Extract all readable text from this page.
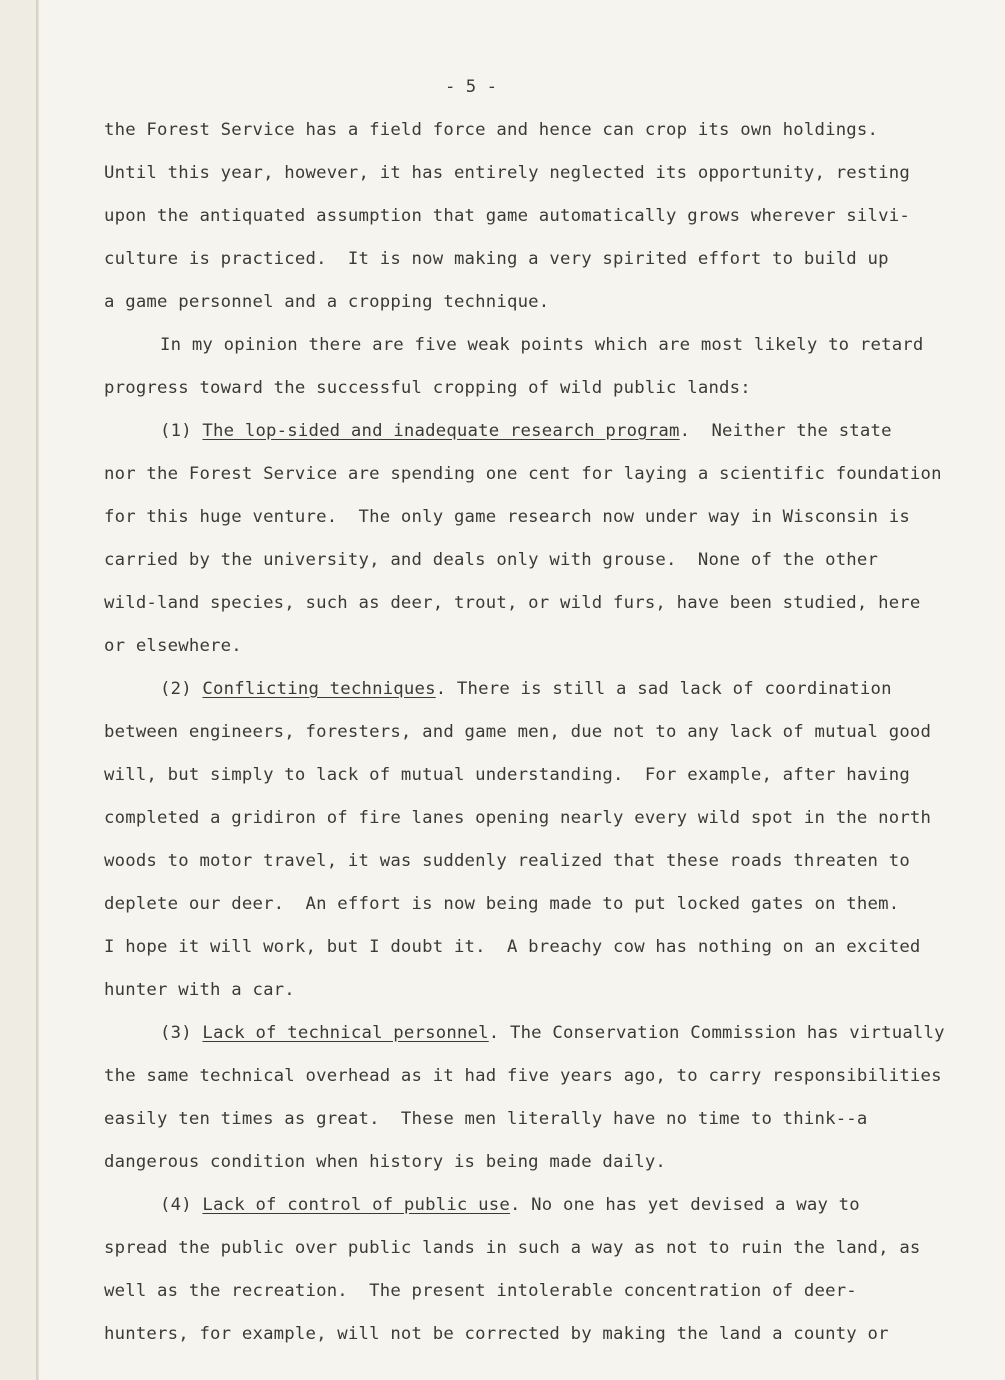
- 5 -
the Forest Service has a field force and hence can crop its own holdings.
Until this year, however, it has entirely neglected its opportunity, resting
upon the antiquated assumption that game automatically grows wherever silvi-
culture is practiced.  It is now making a very spirited effort to build up
a game personnel and a cropping technique.
In my opinion there are five weak points which are most likely to retard
progress toward the successful cropping of wild public lands:
(1) The lop-sided and inadequate research program.  Neither the state
nor the Forest Service are spending one cent for laying a scientific foundation
for this huge venture.  The only game research now under way in Wisconsin is
carried by the university, and deals only with grouse.  None of the other
wild-land species, such as deer, trout, or wild furs, have been studied, here
or elsewhere.
(2) Conflicting techniques. There is still a sad lack of coordination
between engineers, foresters, and game men, due not to any lack of mutual good
will, but simply to lack of mutual understanding.  For example, after having
completed a gridiron of fire lanes opening nearly every wild spot in the north
woods to motor travel, it was suddenly realized that these roads threaten to
deplete our deer.  An effort is now being made to put locked gates on them.
I hope it will work, but I doubt it.  A breachy cow has nothing on an excited
hunter with a car.
(3) Lack of technical personnel. The Conservation Commission has virtually
the same technical overhead as it had five years ago, to carry responsibilities
easily ten times as great.  These men literally have no time to think--a
dangerous condition when history is being made daily.
(4) Lack of control of public use. No one has yet devised a way to
spread the public over public lands in such a way as not to ruin the land, as
well as the recreation.  The present intolerable concentration of deer-
hunters, for example, will not be corrected by making the land a county or
